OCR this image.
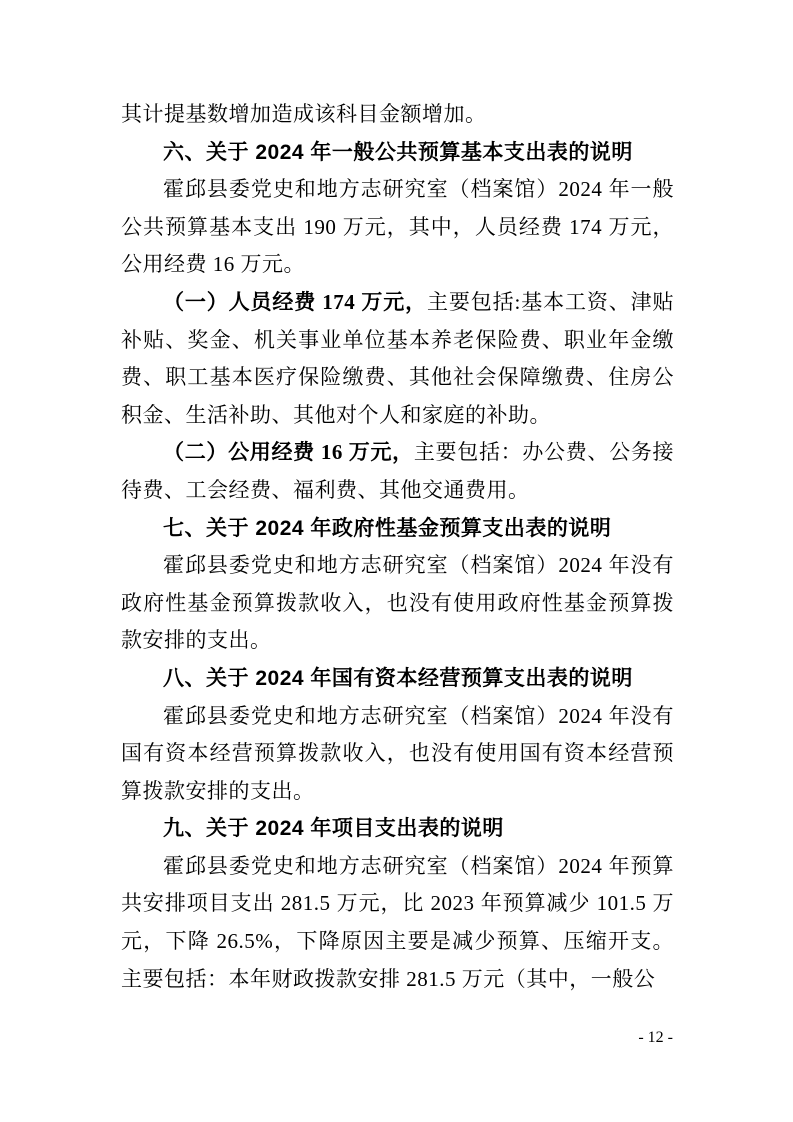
其计提基数增加造成该科目金额增加。

六、关于 2024 年一般公共预算基本支出表的说明

霍邱县委党史和地方志研究室（档案馆）2024 年一般公共预算基本支出 190 万元，其中，人员经费 174 万元，公用经费 16 万元。

（一）人员经费 174 万元，主要包括:基本工资、津贴补贴、奖金、机关事业单位基本养老保险费、职业年金缴费、职工基本医疗保险缴费、其他社会保障缴费、住房公积金、生活补助、其他对个人和家庭的补助。

（二）公用经费 16 万元，主要包括：办公费、公务接待费、工会经费、福利费、其他交通费用。

七、关于 2024 年政府性基金预算支出表的说明

霍邱县委党史和地方志研究室（档案馆）2024 年没有政府性基金预算拨款收入，也没有使用政府性基金预算拨款安排的支出。

八、关于 2024 年国有资本经营预算支出表的说明

霍邱县委党史和地方志研究室（档案馆）2024 年没有国有资本经营预算拨款收入，也没有使用国有资本经营预算拨款安排的支出。

九、关于 2024 年项目支出表的说明

霍邱县委党史和地方志研究室（档案馆）2024 年预算共安排项目支出 281.5 万元，比 2023 年预算减少 101.5 万元，下降 26.5%，下降原因主要是减少预算、压缩开支。主要包括：本年财政拨款安排 281.5 万元（其中，一般公

- 12 -
